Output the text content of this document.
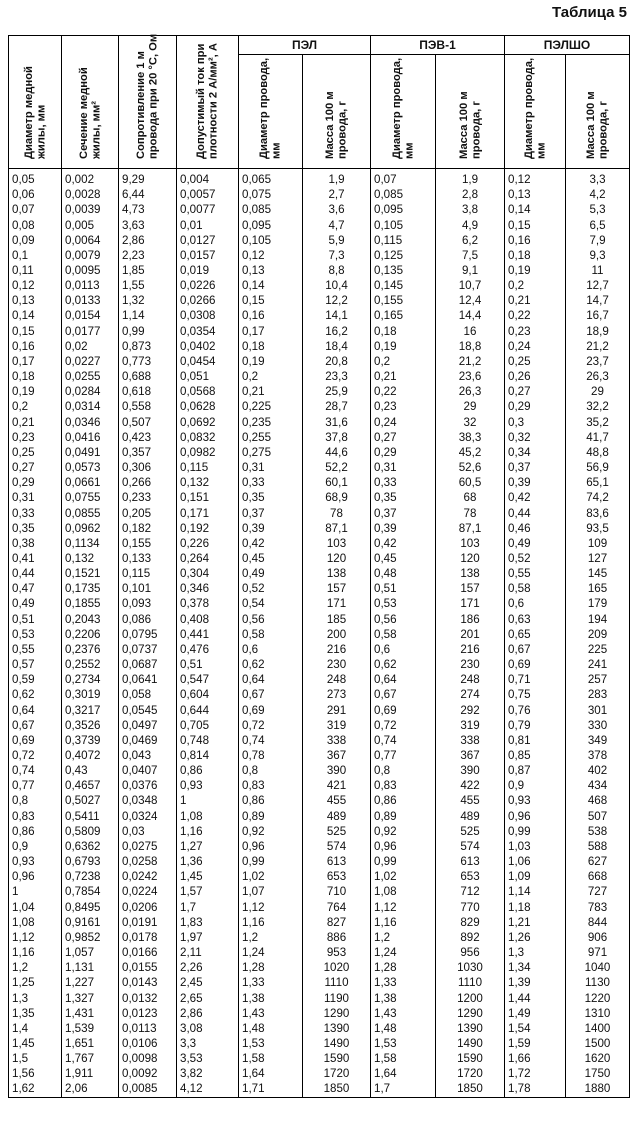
Таблица 5
Диаметр медной жилы, мм	Сечение медной жилы, мм²	Сопротивление 1 м провода при 20 °С, Ом	Допустимый ток при плотности 2 А/мм², А	ПЭЛ		ПЭВ-1		ПЭЛШО	
				Диаметр провода, мм	Масса 100 м провода, г	Диаметр провода, мм	Масса 100 м провода, г	Диаметр провода, мм	Масса 100 м провода, г
0,05	0,002	9,29	0,004	0,065	1,9	0,07	1,9	0,12	3,3
0,06	0,0028	6,44	0,0057	0,075	2,7	0,085	2,8	0,13	4,2
0,07	0,0039	4,73	0,0077	0,085	3,6	0,095	3,8	0,14	5,3
0,08	0,005	3,63	0,01	0,095	4,7	0,105	4,9	0,15	6,5
0,09	0,0064	2,86	0,0127	0,105	5,9	0,115	6,2	0,16	7,9
0,1	0,0079	2,23	0,0157	0,12	7,3	0,125	7,5	0,18	9,3
0,11	0,0095	1,85	0,019	0,13	8,8	0,135	9,1	0,19	11
0,12	0,0113	1,55	0,0226	0,14	10,4	0,145	10,7	0,2	12,7
0,13	0,0133	1,32	0,0266	0,15	12,2	0,155	12,4	0,21	14,7
0,14	0,0154	1,14	0,0308	0,16	14,1	0,165	14,4	0,22	16,7
0,15	0,0177	0,99	0,0354	0,17	16,2	0,18	16	0,23	18,9
0,16	0,02	0,873	0,0402	0,18	18,4	0,19	18,8	0,24	21,2
0,17	0,0227	0,773	0,0454	0,19	20,8	0,2	21,2	0,25	23,7
0,18	0,0255	0,688	0,051	0,2	23,3	0,21	23,6	0,26	26,3
0,19	0,0284	0,618	0,0568	0,21	25,9	0,22	26,3	0,27	29
0,2	0,0314	0,558	0,0628	0,225	28,7	0,23	29	0,29	32,2
0,21	0,0346	0,507	0,0692	0,235	31,6	0,24	32	0,3	35,2
0,23	0,0416	0,423	0,0832	0,255	37,8	0,27	38,3	0,32	41,7
0,25	0,0491	0,357	0,0982	0,275	44,6	0,29	45,2	0,34	48,8
0,27	0,0573	0,306	0,115	0,31	52,2	0,31	52,6	0,37	56,9
0,29	0,0661	0,266	0,132	0,33	60,1	0,33	60,5	0,39	65,1
0,31	0,0755	0,233	0,151	0,35	68,9	0,35	68	0,42	74,2
0,33	0,0855	0,205	0,171	0,37	78	0,37	78	0,44	83,6
0,35	0,0962	0,182	0,192	0,39	87,1	0,39	87,1	0,46	93,5
0,38	0,1134	0,155	0,226	0,42	103	0,42	103	0,49	109
0,41	0,132	0,133	0,264	0,45	120	0,45	120	0,52	127
0,44	0,1521	0,115	0,304	0,49	138	0,48	138	0,55	145
0,47	0,1735	0,101	0,346	0,52	157	0,51	157	0,58	165
0,49	0,1855	0,093	0,378	0,54	171	0,53	171	0,6	179
0,51	0,2043	0,086	0,408	0,56	185	0,56	186	0,63	194
0,53	0,2206	0,0795	0,441	0,58	200	0,58	201	0,65	209
0,55	0,2376	0,0737	0,476	0,6	216	0,6	216	0,67	225
0,57	0,2552	0,0687	0,51	0,62	230	0,62	230	0,69	241
0,59	0,2734	0,0641	0,547	0,64	248	0,64	248	0,71	257
0,62	0,3019	0,058	0,604	0,67	273	0,67	274	0,75	283
0,64	0,3217	0,0545	0,644	0,69	291	0,69	292	0,76	301
0,67	0,3526	0,0497	0,705	0,72	319	0,72	319	0,79	330
0,69	0,3739	0,0469	0,748	0,74	338	0,74	338	0,81	349
0,72	0,4072	0,043	0,814	0,78	367	0,77	367	0,85	378
0,74	0,43	0,0407	0,86	0,8	390	0,8	390	0,87	402
0,77	0,4657	0,0376	0,93	0,83	421	0,83	422	0,9	434
0,8	0,5027	0,0348	1	0,86	455	0,86	455	0,93	468
0,83	0,5411	0,0324	1,08	0,89	489	0,89	489	0,96	507
0,86	0,5809	0,03	1,16	0,92	525	0,92	525	0,99	538
0,9	0,6362	0,0275	1,27	0,96	574	0,96	574	1,03	588
0,93	0,6793	0,0258	1,36	0,99	613	0,99	613	1,06	627
0,96	0,7238	0,0242	1,45	1,02	653	1,02	653	1,09	668
1	0,7854	0,0224	1,57	1,07	710	1,08	712	1,14	727
1,04	0,8495	0,0206	1,7	1,12	764	1,12	770	1,18	783
1,08	0,9161	0,0191	1,83	1,16	827	1,16	829	1,21	844
1,12	0,9852	0,0178	1,97	1,2	886	1,2	892	1,26	906
1,16	1,057	0,0166	2,11	1,24	953	1,24	956	1,3	971
1,2	1,131	0,0155	2,26	1,28	1020	1,28	1030	1,34	1040
1,25	1,227	0,0143	2,45	1,33	1110	1,33	1110	1,39	1130
1,3	1,327	0,0132	2,65	1,38	1190	1,38	1200	1,44	1220
1,35	1,431	0,0123	2,86	1,43	1290	1,43	1290	1,49	1310
1,4	1,539	0,0113	3,08	1,48	1390	1,48	1390	1,54	1400
1,45	1,651	0,0106	3,3	1,53	1490	1,53	1490	1,59	1500
1,5	1,767	0,0098	3,53	1,58	1590	1,58	1590	1,66	1620
1,56	1,911	0,0092	3,82	1,64	1720	1,64	1720	1,72	1750
1,62	2,06	0,0085	4,12	1,71	1850	1,7	1850	1,78	1880
